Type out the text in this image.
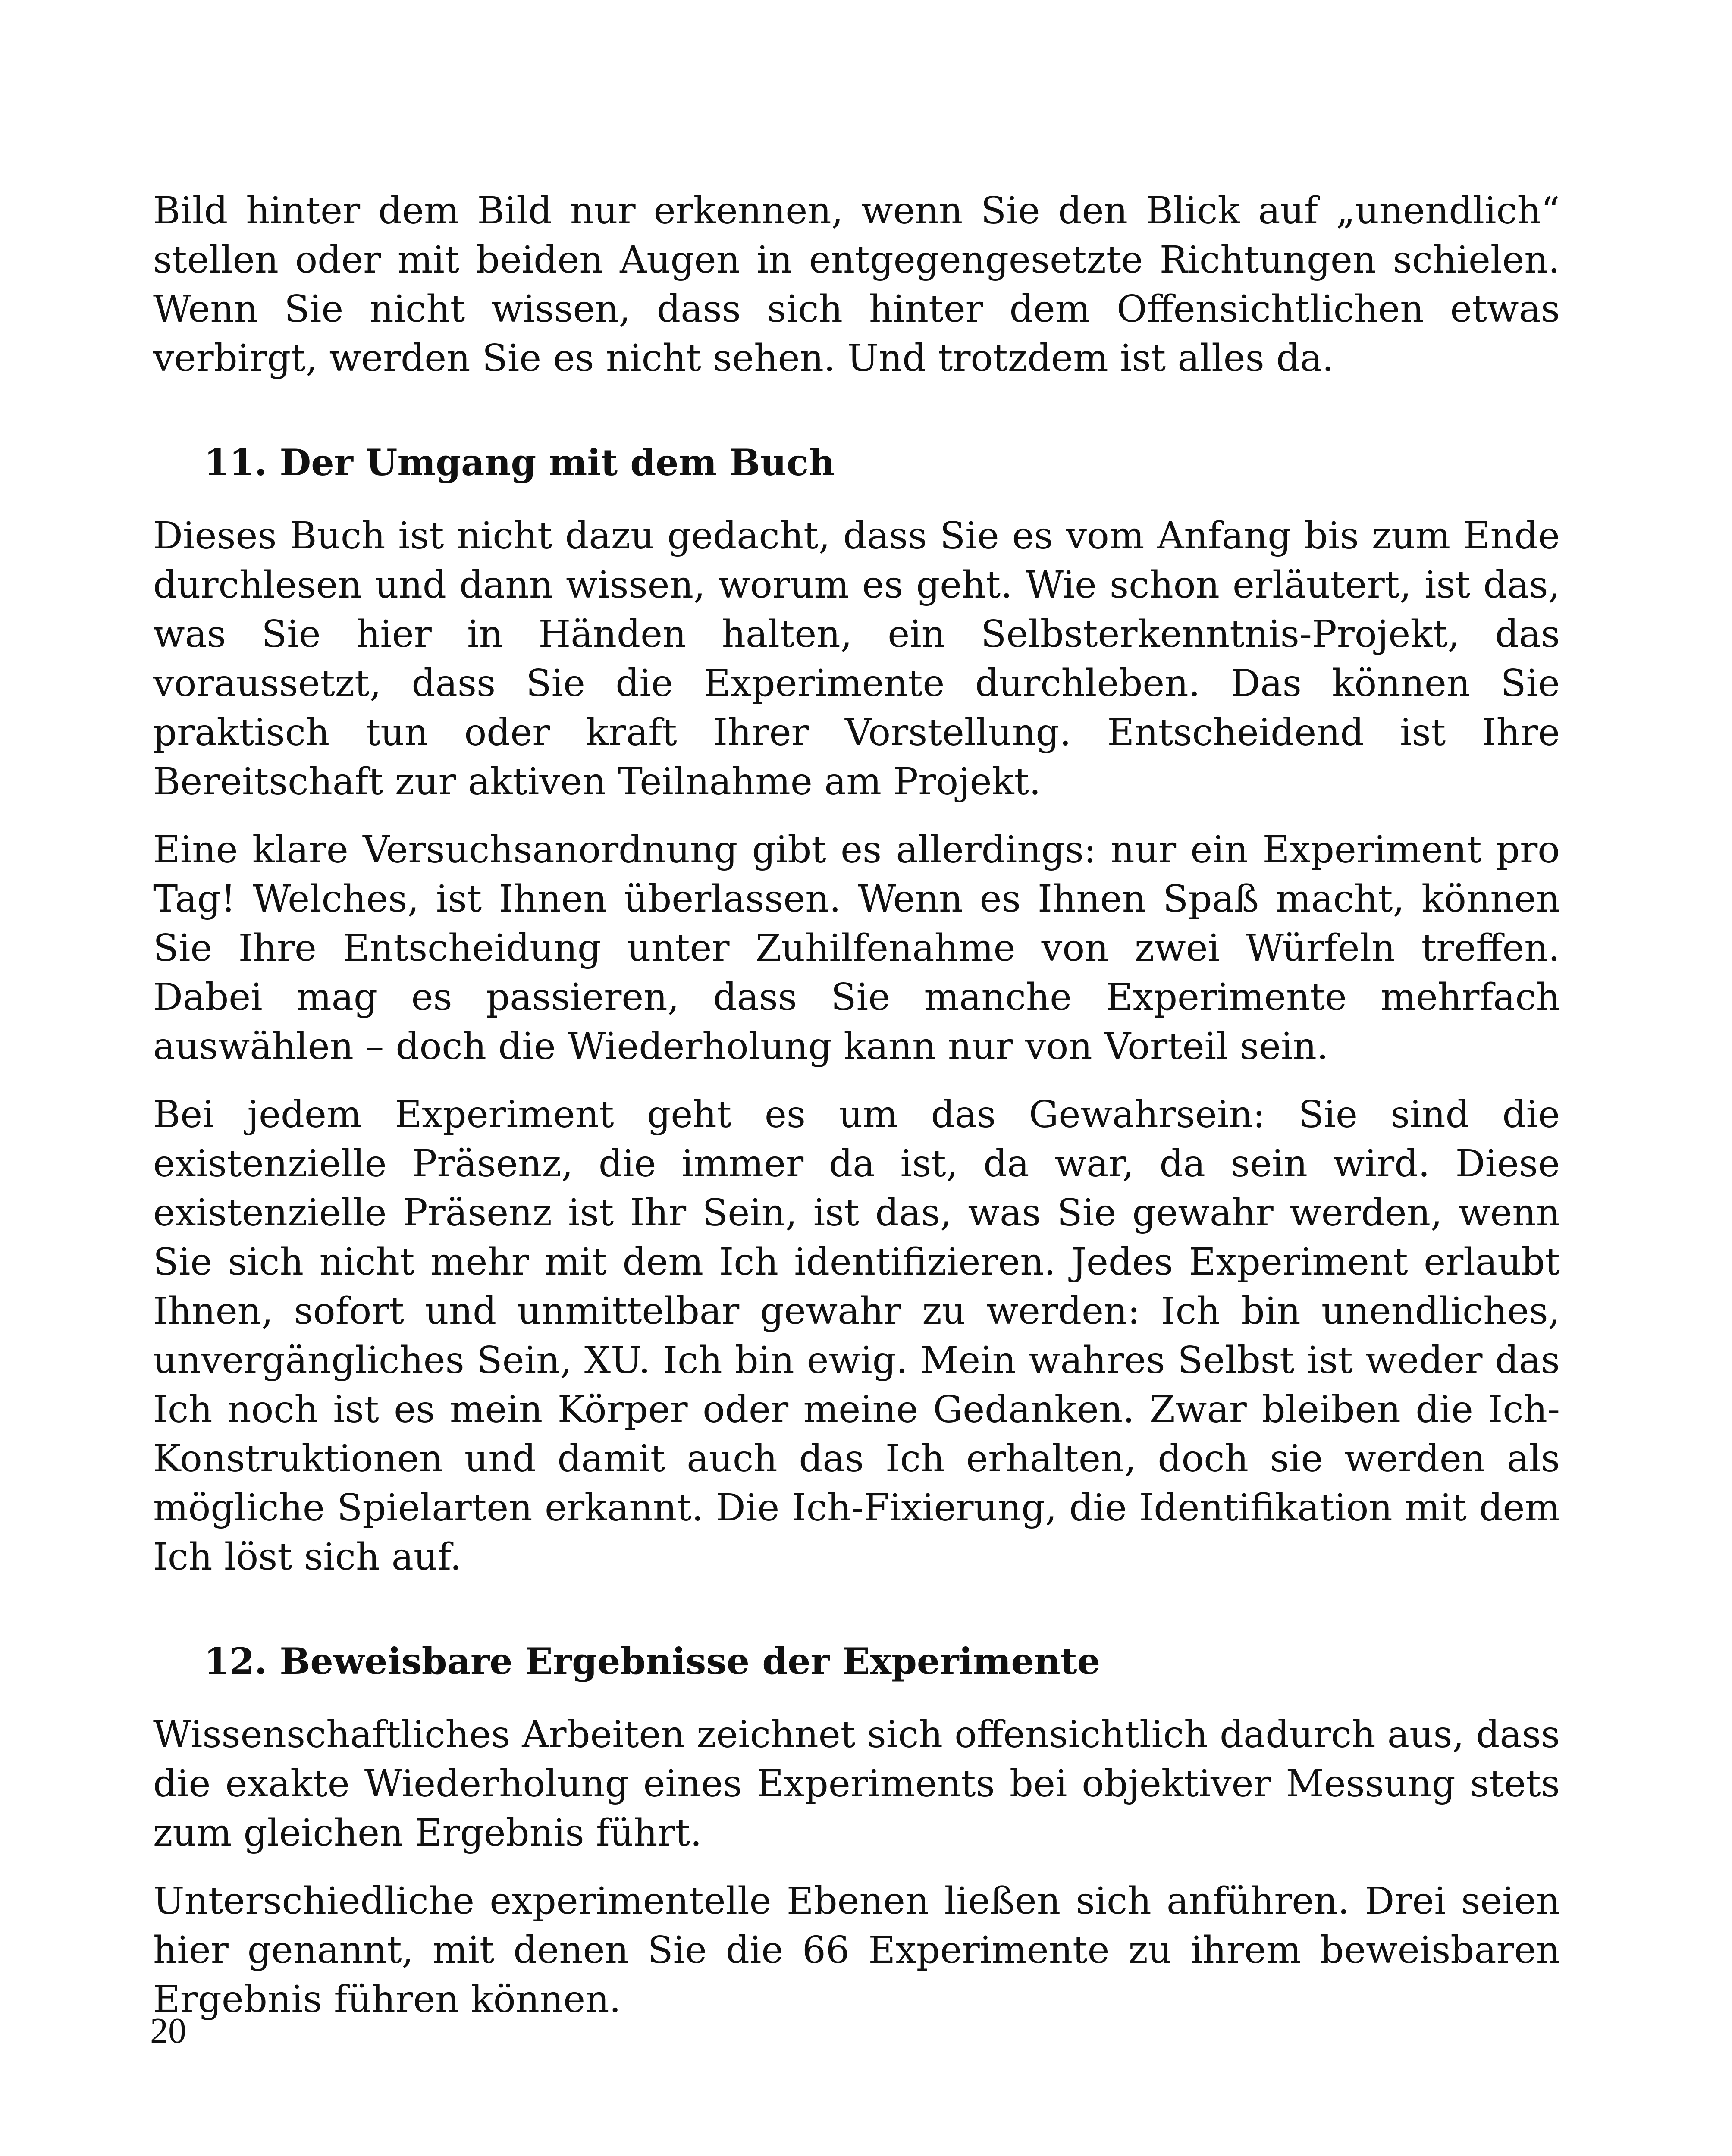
Bild hinter dem Bild nur erkennen, wenn Sie den Blick auf „unendlich“ stellen oder mit beiden Augen in entgegengesetzte Richtungen schielen. Wenn Sie nicht wissen, dass sich hinter dem Offensichtlichen etwas verbirgt, werden Sie es nicht sehen. Und trotzdem ist alles da.

11. Der Umgang mit dem Buch

Dieses Buch ist nicht dazu gedacht, dass Sie es vom Anfang bis zum Ende durchlesen und dann wissen, worum es geht. Wie schon erläutert, ist das, was Sie hier in Händen halten, ein Selbsterkenntnis-Projekt, das voraussetzt, dass Sie die Experimente durchleben. Das können Sie praktisch tun oder kraft Ihrer Vorstellung. Entscheidend ist Ihre Bereitschaft zur aktiven Teilnahme am Projekt.

Eine klare Versuchsanordnung gibt es allerdings: nur ein Experiment pro Tag! Welches, ist Ihnen überlassen. Wenn es Ihnen Spaß macht, können Sie Ihre Entscheidung unter Zuhilfenahme von zwei Würfeln treffen. Dabei mag es passieren, dass Sie manche Experimente mehrfach auswählen – doch die Wiederholung kann nur von Vorteil sein.

Bei jedem Experiment geht es um das Gewahrsein: Sie sind die existenzielle Präsenz, die immer da ist, da war, da sein wird. Diese existenzielle Präsenz ist Ihr Sein, ist das, was Sie gewahr werden, wenn Sie sich nicht mehr mit dem Ich identifizieren. Jedes Experiment erlaubt Ihnen, sofort und unmittelbar gewahr zu werden: Ich bin unendliches, unvergängliches Sein, XU. Ich bin ewig. Mein wahres Selbst ist weder das Ich noch ist es mein Körper oder meine Gedanken. Zwar bleiben die Ich-Konstruktionen und damit auch das Ich erhalten, doch sie werden als mögliche Spielarten erkannt. Die Ich-Fixierung, die Identifikation mit dem Ich löst sich auf.

12. Beweisbare Ergebnisse der Experimente

Wissenschaftliches Arbeiten zeichnet sich offensichtlich dadurch aus, dass die exakte Wiederholung eines Experiments bei objektiver Messung stets zum gleichen Ergebnis führt.

Unterschiedliche experimentelle Ebenen ließen sich anführen. Drei seien hier genannt, mit denen Sie die 66 Experimente zu ihrem beweisbaren Ergebnis führen können.

20
